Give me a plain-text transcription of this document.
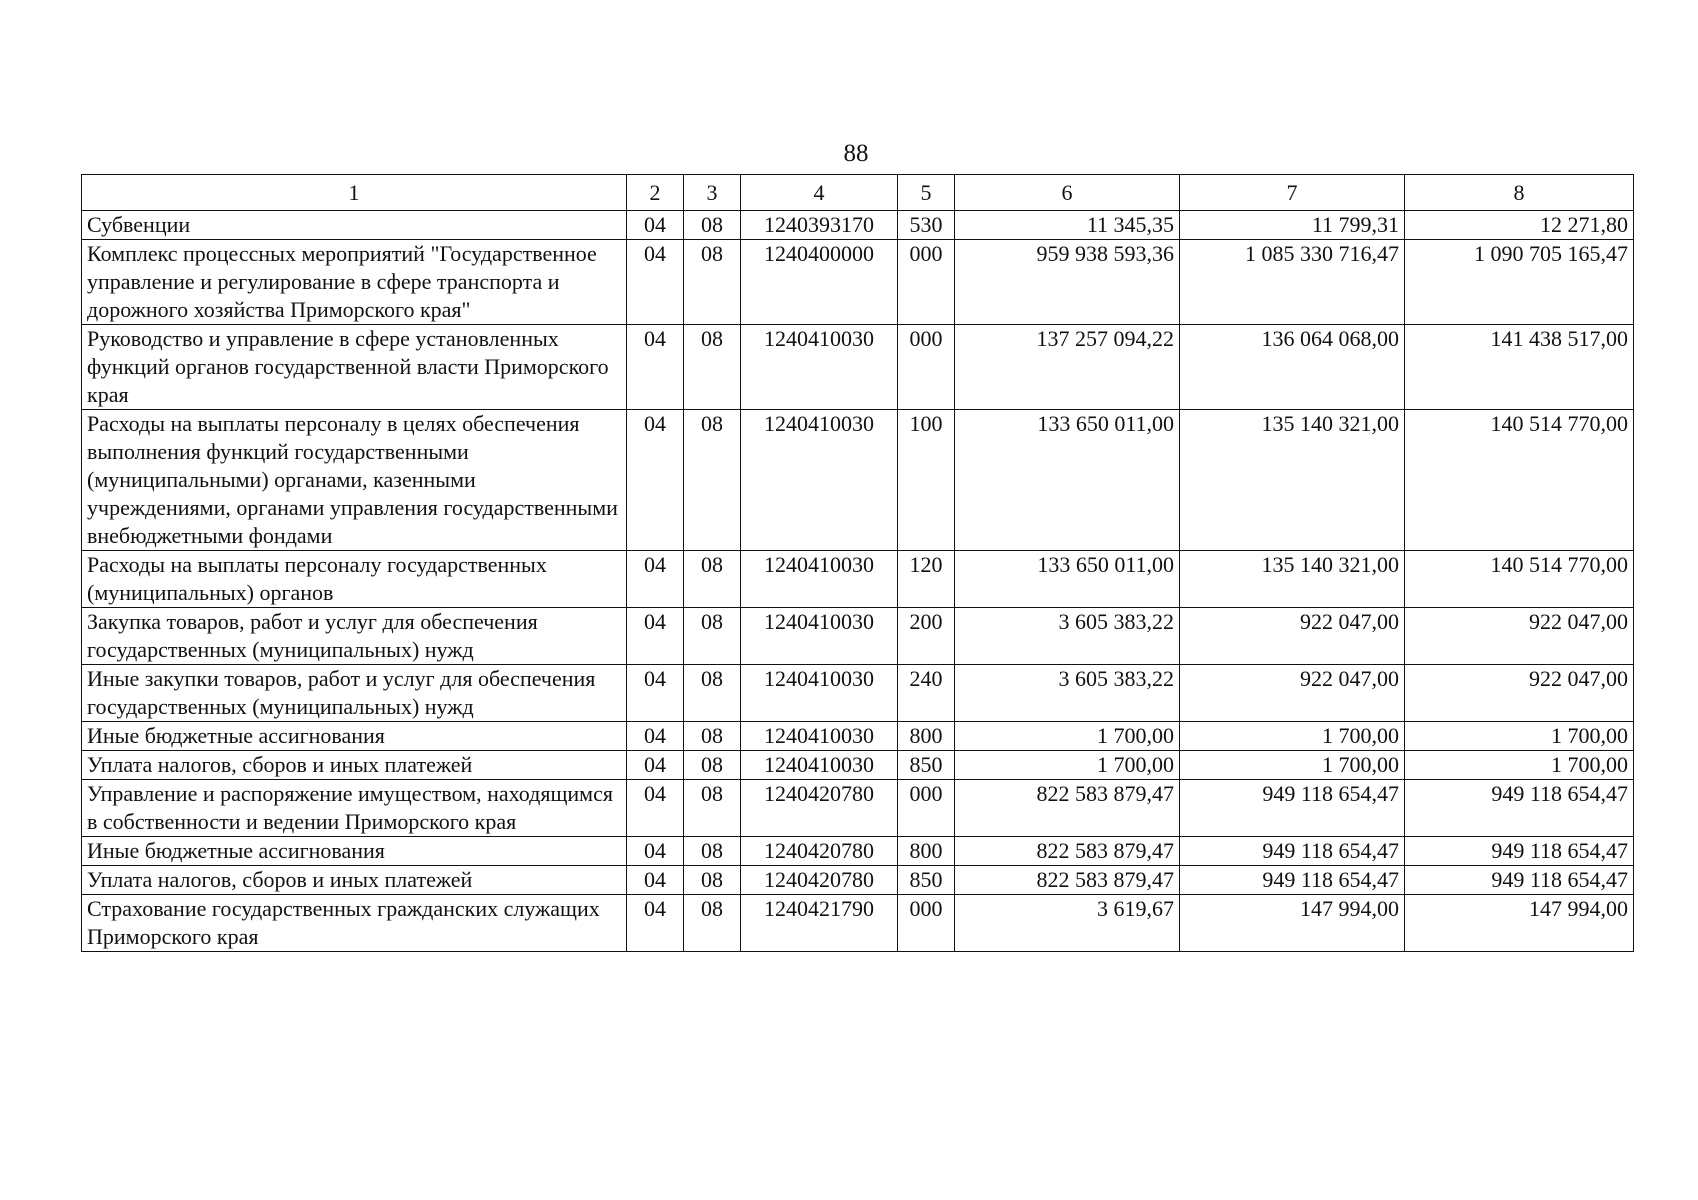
88
1	2	3	4	5	6	7	8
Субвенции	04	08	1240393170	530	11 345,35	11 799,31	12 271,80
Комплекс процессных мероприятий "Государственное управление и регулирование в сфере транспорта и дорожного хозяйства Приморского края"	04	08	1240400000	000	959 938 593,36	1 085 330 716,47	1 090 705 165,47
Руководство и управление в сфере установленных функций органов государственной власти Приморского края	04	08	1240410030	000	137 257 094,22	136 064 068,00	141 438 517,00
Расходы на выплаты персоналу в целях обеспечения выполнения функций государственными (муниципальными) органами, казенными учреждениями, органами управления государственными внебюджетными фондами	04	08	1240410030	100	133 650 011,00	135 140 321,00	140 514 770,00
Расходы на выплаты персоналу государственных (муниципальных) органов	04	08	1240410030	120	133 650 011,00	135 140 321,00	140 514 770,00
Закупка товаров, работ и услуг для обеспечения государственных (муниципальных) нужд	04	08	1240410030	200	3 605 383,22	922 047,00	922 047,00
Иные закупки товаров, работ и услуг для обеспечения государственных (муниципальных) нужд	04	08	1240410030	240	3 605 383,22	922 047,00	922 047,00
Иные бюджетные ассигнования	04	08	1240410030	800	1 700,00	1 700,00	1 700,00
Уплата налогов, сборов и иных платежей	04	08	1240410030	850	1 700,00	1 700,00	1 700,00
Управление и распоряжение имуществом, находящимся в собственности и ведении Приморского края	04	08	1240420780	000	822 583 879,47	949 118 654,47	949 118 654,47
Иные бюджетные ассигнования	04	08	1240420780	800	822 583 879,47	949 118 654,47	949 118 654,47
Уплата налогов, сборов и иных платежей	04	08	1240420780	850	822 583 879,47	949 118 654,47	949 118 654,47
Страхование государственных гражданских служащих Приморского края	04	08	1240421790	000	3 619,67	147 994,00	147 994,00
